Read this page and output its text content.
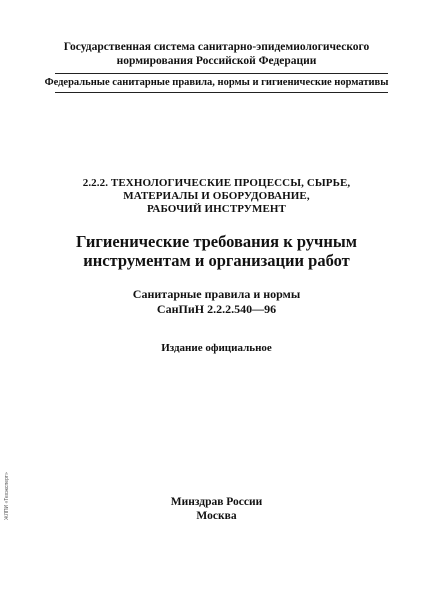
Государственная система санитарно-эпидемиологического
нормирования Российской Федерации
Федеральные санитарные правила, нормы и гигиенические нормативы
2.2.2. ТЕХНОЛОГИЧЕСКИЕ ПРОЦЕССЫ, СЫРЬЕ,
МАТЕРИАЛЫ И ОБОРУДОВАНИЕ,
РАБОЧИЙ ИНСТРУМЕНТ
Гигиенические требования к ручным
инструментам и организации работ
Санитарные правила и нормы
СанПиН 2.2.2.540—96
Издание официальное
Минздрав России
Москва
ЖЛПИ «Техэксперт»
